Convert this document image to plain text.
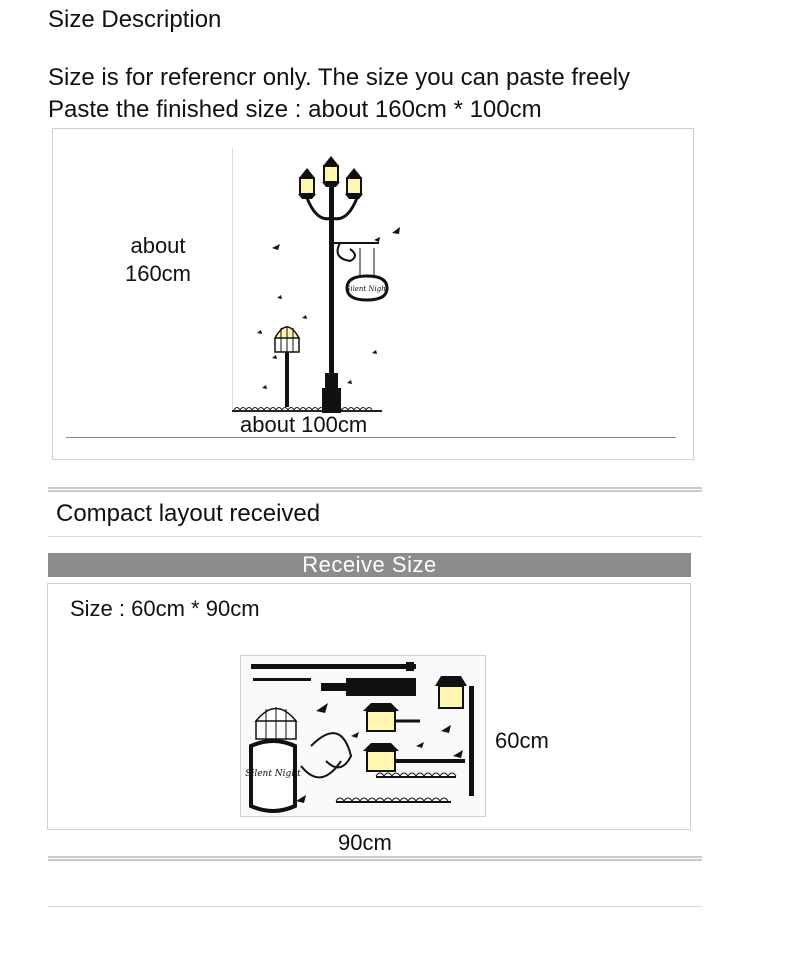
Size Description
Size is for referencr only. The size you can paste freely
Paste the finished size : about 160cm * 100cm
about
160cm
Silent Night
about 100cm
Compact layout received
Receive Size
Size : 60cm * 90cm
Silent Night
60cm
90cm
